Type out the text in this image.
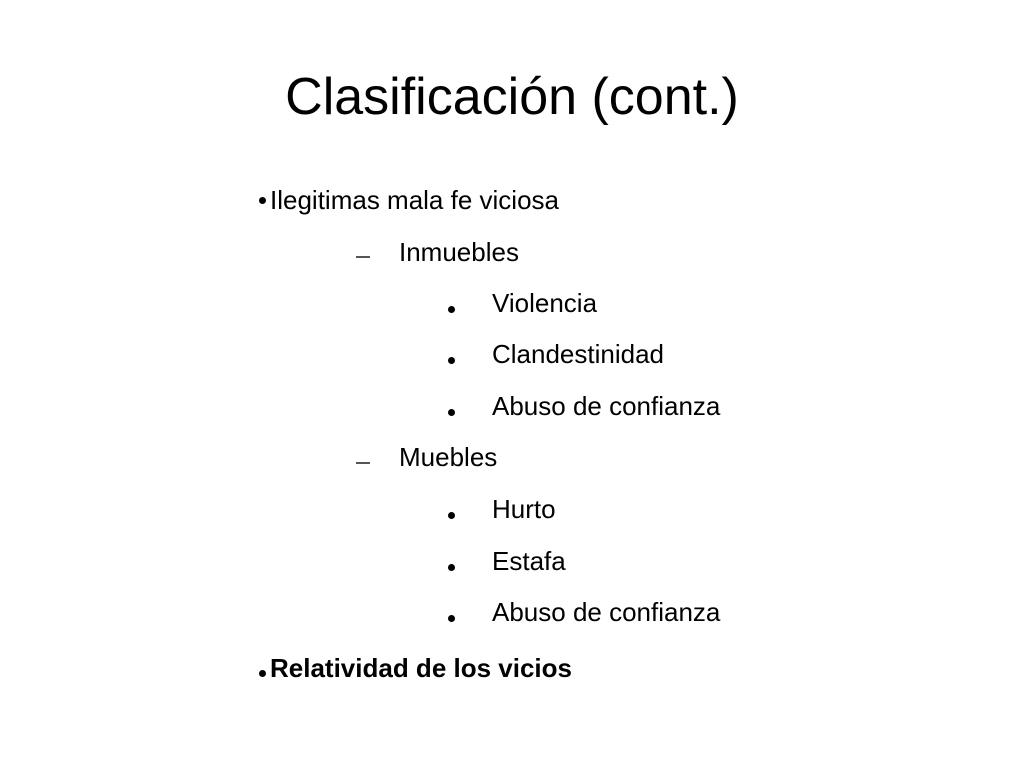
Clasificación (cont.)
Ilegitimas mala fe viciosa
Inmuebles
Violencia
Clandestinidad
Abuso de confianza
Muebles
Hurto
Estafa
Abuso de confianza
Relatividad de los vicios
